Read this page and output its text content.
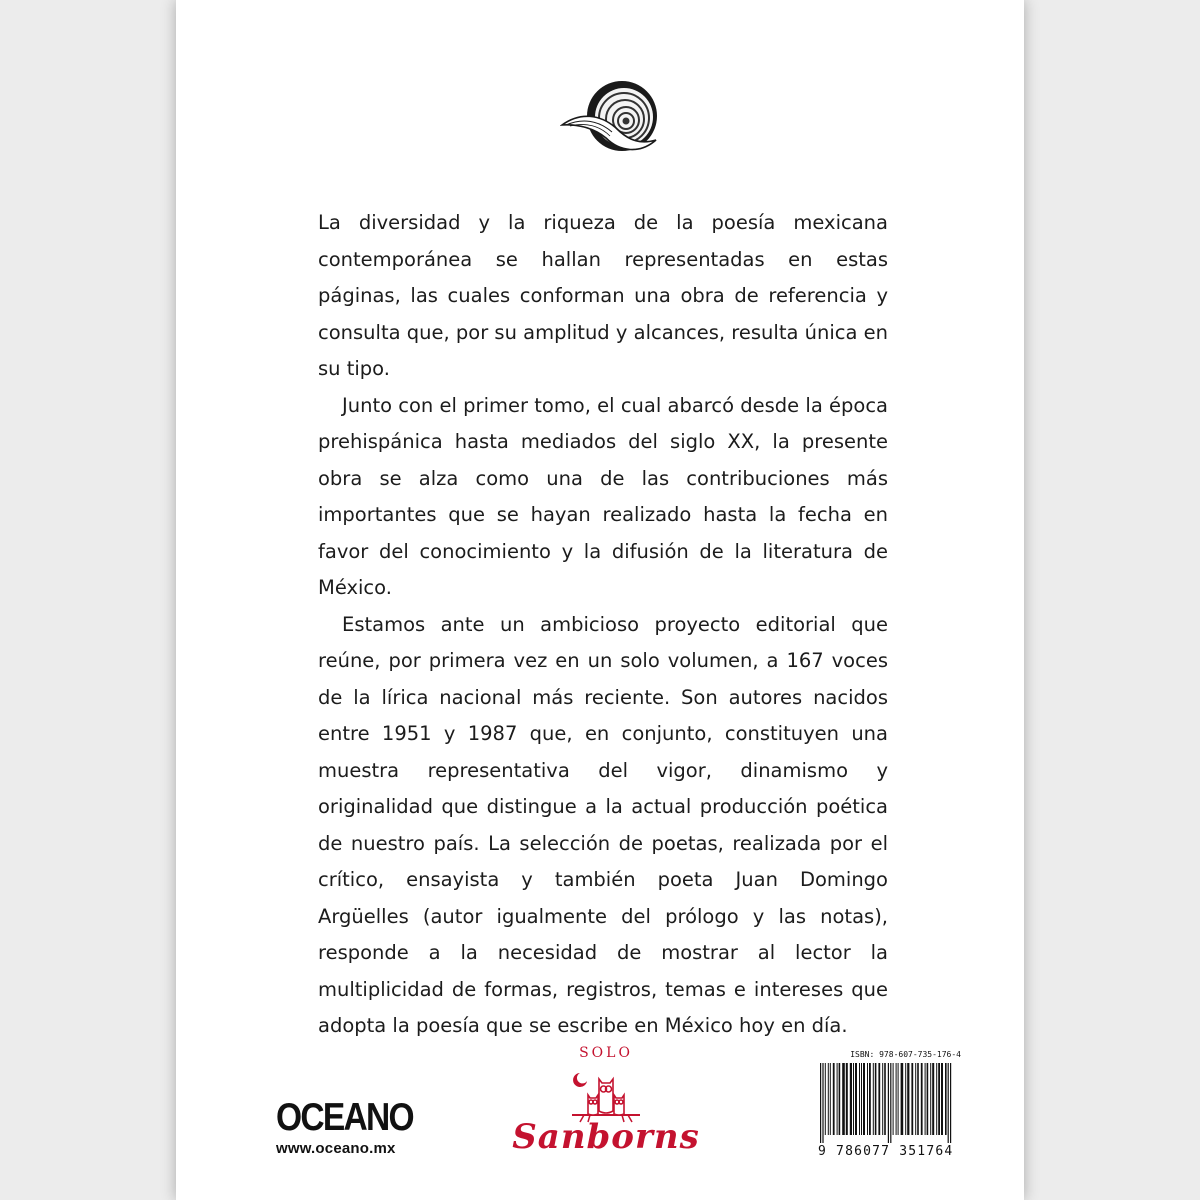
La diversidad y la riqueza de la poesía mexicana contemporánea se hallan representadas en estas páginas, las cuales conforman una obra de referencia y consulta que, por su amplitud y alcances, resulta única en su tipo.

Junto con el primer tomo, el cual abarcó desde la época prehispánica hasta mediados del siglo XX, la presente obra se alza como una de las contribuciones más importantes que se hayan realizado hasta la fecha en favor del conocimiento y la difusión de la literatura de México.

Estamos ante un ambicioso proyecto editorial que reúne, por primera vez en un solo volumen, a 167 voces de la lírica nacional más reciente. Son autores nacidos entre 1951 y 1987 que, en conjunto, constituyen una muestra representativa del vigor, dinamismo y originalidad que distingue a la actual producción poética de nuestro país. La selección de poetas, realizada por el crítico, ensayista y también poeta Juan Domingo Argüelles (autor igualmente del prólogo y las notas), responde a la necesidad de mostrar al lector la multiplicidad de formas, registros, temas e intereses que adopta la poesía que se escribe en México hoy en día.

OCEANO
www.oceano.mx
SOLO
Sanborns
ISBN: 978-607-735-176-4
9 786077 351764
